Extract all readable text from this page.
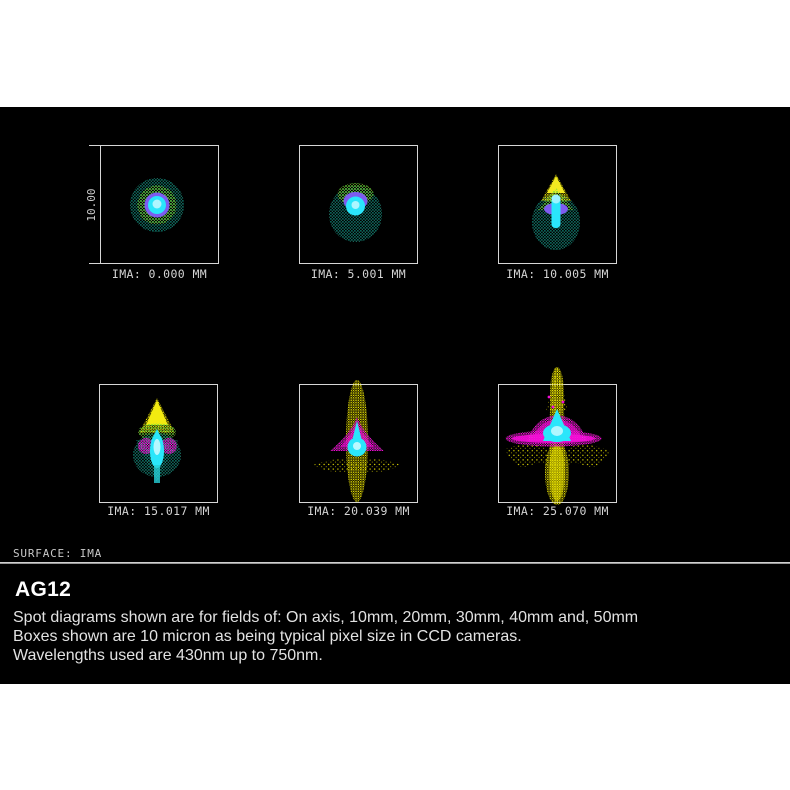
10.00
IMA: 0.000 MM	IMA: 5.001 MM	IMA: 10.005 MM
IMA: 15.017 MM	IMA: 20.039 MM	IMA: 25.070 MM
SURFACE: IMA
AG12

Spot diagrams shown are for fields of: On axis, 10mm, 20mm, 30mm, 40mm and, 50mm

Boxes shown are 10 micron as being typical pixel size in CCD cameras.

Wavelengths used are 430nm up to 750nm.
